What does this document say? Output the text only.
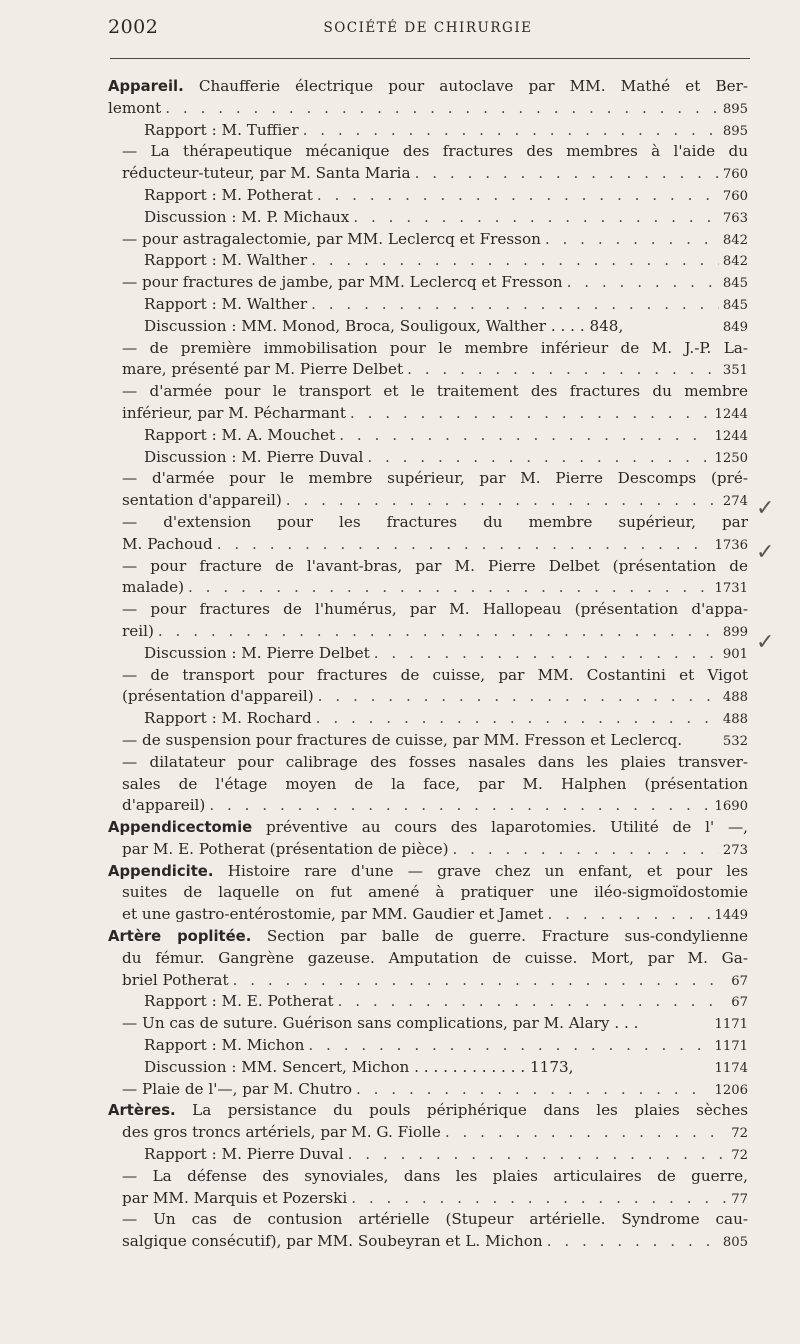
2002	SOCIÉTÉ DE CHIRURGIE
Appareil. Chaufferie électrique pour autoclave par MM. Mathé et Ber-
lemont . . .	895
Rapport : M. Tuffier . . .	895
— La thérapeutique mécanique des fractures des membres à l'aide du
réducteur-tuteur, par M. Santa Maria . . .	760
Rapport : M. Potherat . . .	760
Discussion : M. P. Michaux . . .	763
— pour astragalectomie, par MM. Leclercq et Fresson . . .	842
Rapport : M. Walther . . .	842
— pour fractures de jambe, par MM. Leclercq et Fresson . . .	845
Rapport : M. Walther . . .	845
Discussion : MM. Monod, Broca, Souligoux, Walther . . . . 848,	849
— de première immobilisation pour le membre inférieur de M. J.-P. La-
mare, présenté par M. Pierre Delbet . . .	351
— d'armée pour le transport et le traitement des fractures du membre
inférieur, par M. Pécharmant . . .	1244
Rapport : M. A. Mouchet . . .	1244
Discussion : M. Pierre Duval . . .	1250
— d'armée pour le membre supérieur, par M. Pierre Descomps (pré-
sentation d'appareil) . . .	274
— d'extension pour les fractures du membre supérieur, par
M. Pachoud . . .	1736
— pour fracture de l'avant-bras, par M. Pierre Delbet (présentation de
malade) . . .	1731
— pour fractures de l'humérus, par M. Hallopeau (présentation d'appa-
reil) . . .	899
Discussion : M. Pierre Delbet . . .	901
— de transport pour fractures de cuisse, par MM. Costantini et Vigot
(présentation d'appareil) . . .	488
Rapport : M. Rochard . . .	488
— de suspension pour fractures de cuisse, par MM. Fresson et Leclercq.	532
— dilatateur pour calibrage des fosses nasales dans les plaies transver-
sales de l'étage moyen de la face, par M. Halphen (présentation
d'appareil) . . .	1690
Appendicectomie préventive au cours des laparotomies. Utilité de l' —,
par M. E. Potherat (présentation de pièce) . . .	273
Appendicite. Histoire rare d'une — grave chez un enfant, et pour les
suites de laquelle on fut amené à pratiquer une iléo-sigmoïdostomie
et une gastro-entérostomie, par MM. Gaudier et Jamet . . .	1449
Artère poplitée. Section par balle de guerre. Fracture sus-condylienne
du fémur. Gangrène gazeuse. Amputation de cuisse. Mort, par M. Ga-
briel Potherat . . .	67
Rapport : M. E. Potherat . . .	67
— Un cas de suture. Guérison sans complications, par M. Alary . . .	1171
Rapport : M. Michon . . .	1171
Discussion : MM. Sencert, Michon . . . . . . . . . . . . 1173,	1174
— Plaie de l'—, par M. Chutro . . .	1206
Artères. La persistance du pouls périphérique dans les plaies sèches
des gros troncs artériels, par M. G. Fiolle . . .	72
Rapport : M. Pierre Duval . . .	72
— La défense des synoviales, dans les plaies articulaires de guerre,
par MM. Marquis et Pozerski . . .	77
— Un cas de contusion artérielle (Stupeur artérielle. Syndrome cau-
salgique consécutif), par MM. Soubeyran et L. Michon . . .	805
✓
✓
✓
